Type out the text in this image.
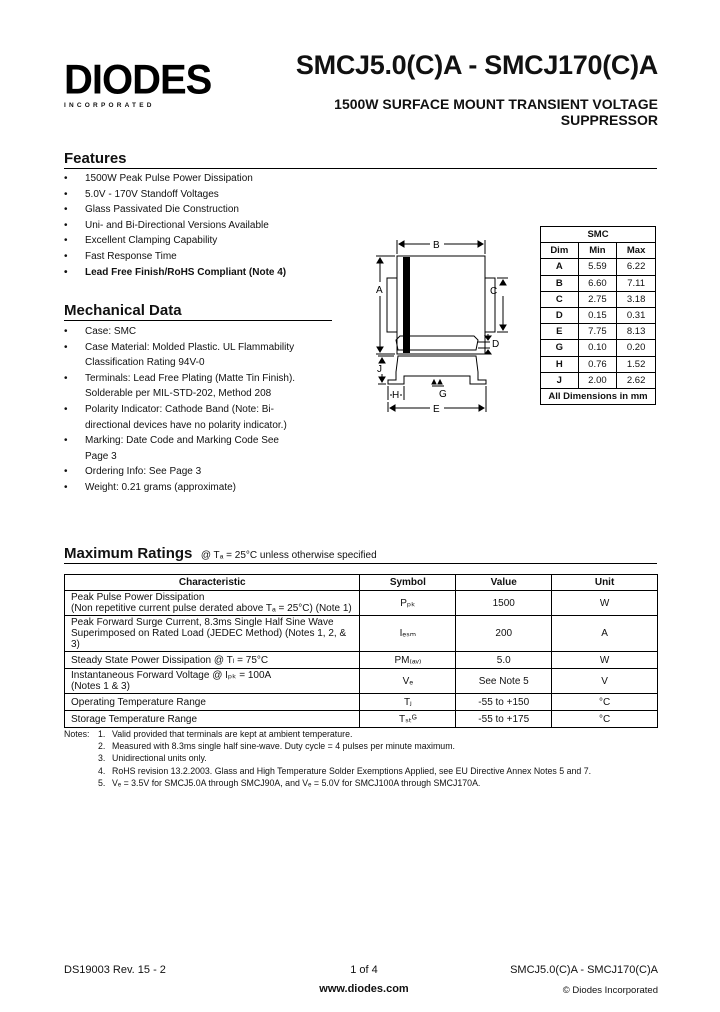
DIODES
INCORPORATED
SMCJ5.0(C)A - SMCJ170(C)A
1500W SURFACE MOUNT TRANSIENT VOLTAGE SUPPRESSOR
Features
• 1500W Peak Pulse Power Dissipation
• 5.0V - 170V Standoff Voltages
• Glass Passivated Die Construction
• Uni- and Bi-Directional Versions Available
• Excellent Clamping Capability
• Fast Response Time
• Lead Free Finish/RoHS Compliant (Note 4)
Mechanical Data
• Case: SMC
• Case Material: Molded Plastic. UL Flammability Classification Rating 94V-0
• Terminals: Lead Free Plating (Matte Tin Finish). Solderable per MIL-STD-202, Method 208
• Polarity Indicator: Cathode Band (Note: Bi-directional devices have no polarity indicator.)
• Marking: Date Code and Marking Code See Page 3
• Ordering Info: See Page 3
• Weight: 0.21 grams (approximate)
B
A	C
D
J
H	G
E
SMC		
Dim	Min	Max
A	5.59	6.22
B	6.60	7.11
C	2.75	3.18
D	0.15	0.31
E	7.75	8.13
G	0.10	0.20
H	0.76	1.52
J	2.00	2.62
All Dimensions in mm		
Maximum Ratings @ Tₐ = 25°C unless otherwise specified
Characteristic	Symbol	Value	Unit

Peak Pulse Power Dissipation
(Non repetitive current pulse derated above Tₐ = 25°C) (Note 1)	Pₚₖ	1500	W

Peak Forward Surge Current, 8.3ms Single Half Sine Wave
Superimposed on Rated Load (JEDEC Method) (Notes 1, 2, & 3)	Iₑₛₘ	200	A

Steady State Power Dissipation @ Tₗ = 75°C	PM₍ₐᵥ₎	5.0	W

Instantaneous Forward Voltage @ Iₚₖ = 100A
(Notes 1 & 3)	Vₑ	See Note 5	V

Operating Temperature Range	Tⱼ	-55 to +150	°C

Storage Temperature Range	Tₛₜᴳ	-55 to +175	°C
Notes: 1. Valid provided that terminals are kept at ambient temperature.
2. Measured with 8.3ms single half sine-wave. Duty cycle = 4 pulses per minute maximum.
3. Unidirectional units only.
4. RoHS revision 13.2.2003. Glass and High Temperature Solder Exemptions Applied, see EU Directive Annex Notes 5 and 7.
5. Vₑ = 3.5V for SMCJ5.0A through SMCJ90A, and Vₑ = 5.0V for SMCJ100A through SMCJ170A.
DS19003 Rev. 15 - 2	1 of 4
www.diodes.com
SMCJ5.0(C)A - SMCJ170(C)A
© Diodes Incorporated
